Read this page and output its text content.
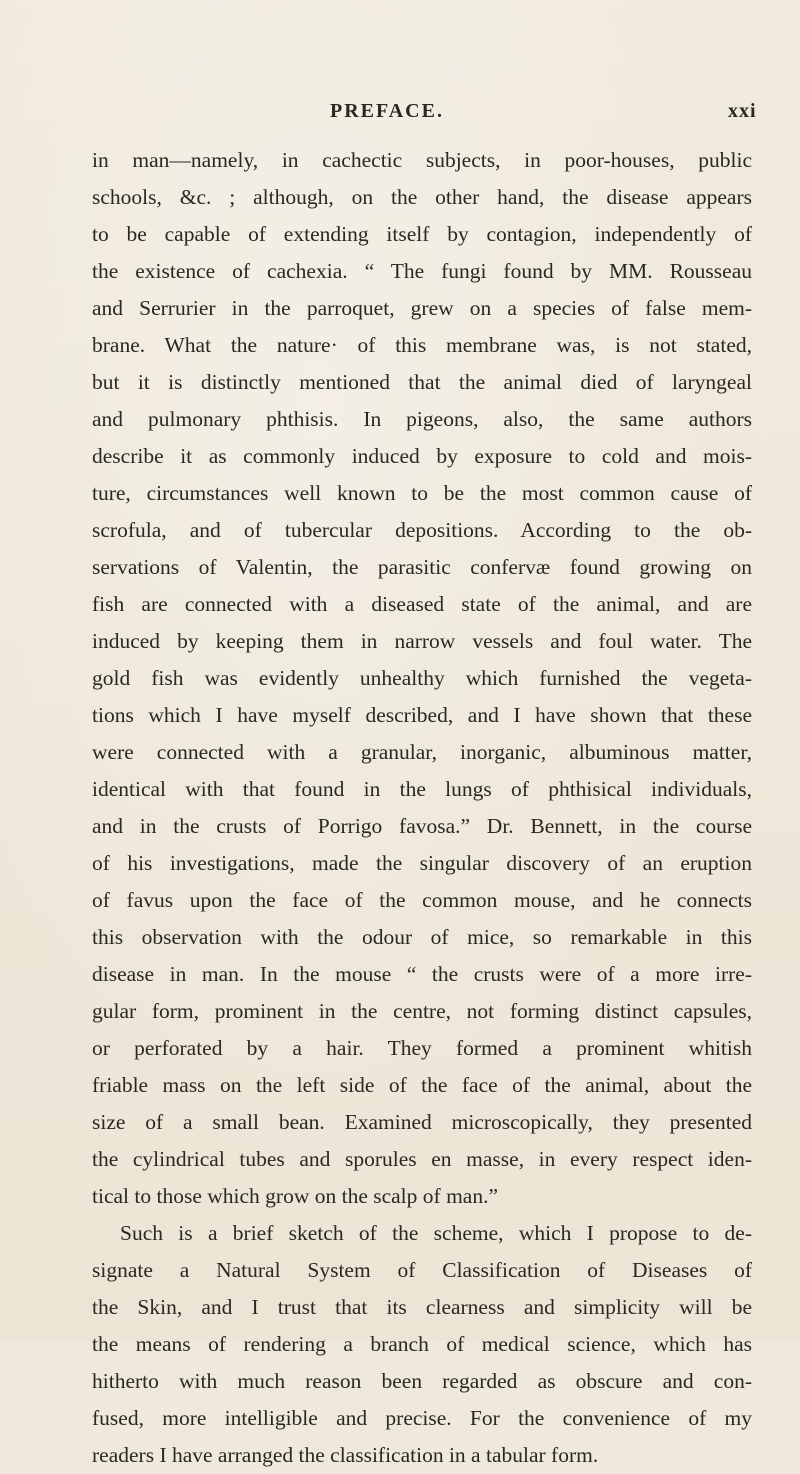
PREFACE.	xxi
in man—namely, in cachectic subjects, in poor-houses, public
schools, &c. ; although, on the other hand, the disease appears
to be capable of extending itself by contagion, independently of
the existence of cachexia. “ The fungi found by MM. Rousseau
and Serrurier in the parroquet, grew on a species of false mem-
brane. What the nature· of this membrane was, is not stated,
but it is distinctly mentioned that the animal died of laryngeal
and pulmonary phthisis. In pigeons, also, the same authors
describe it as commonly induced by exposure to cold and mois-
ture, circumstances well known to be the most common cause of
scrofula, and of tubercular depositions. According to the ob-
servations of Valentin, the parasitic confervæ found growing on
fish are connected with a diseased state of the animal, and are
induced by keeping them in narrow vessels and foul water. The
gold fish was evidently unhealthy which furnished the vegeta-
tions which I have myself described, and I have shown that these
were connected with a granular, inorganic, albuminous matter,
identical with that found in the lungs of phthisical individuals,
and in the crusts of Porrigo favosa.” Dr. Bennett, in the course
of his investigations, made the singular discovery of an eruption
of favus upon the face of the common mouse, and he connects
this observation with the odour of mice, so remarkable in this
disease in man. In the mouse “ the crusts were of a more irre-
gular form, prominent in the centre, not forming distinct capsules,
or perforated by a hair. They formed a prominent whitish
friable mass on the left side of the face of the animal, about the
size of a small bean. Examined microscopically, they presented
the cylindrical tubes and sporules en masse, in every respect iden-
tical to those which grow on the scalp of man.”
Such is a brief sketch of the scheme, which I propose to de-
signate a Natural System of Classification of Diseases of
the Skin, and I trust that its clearness and simplicity will be
the means of rendering a branch of medical science, which has
hitherto with much reason been regarded as obscure and con-
fused, more intelligible and precise. For the convenience of my
readers I have arranged the classification in a tabular form.
